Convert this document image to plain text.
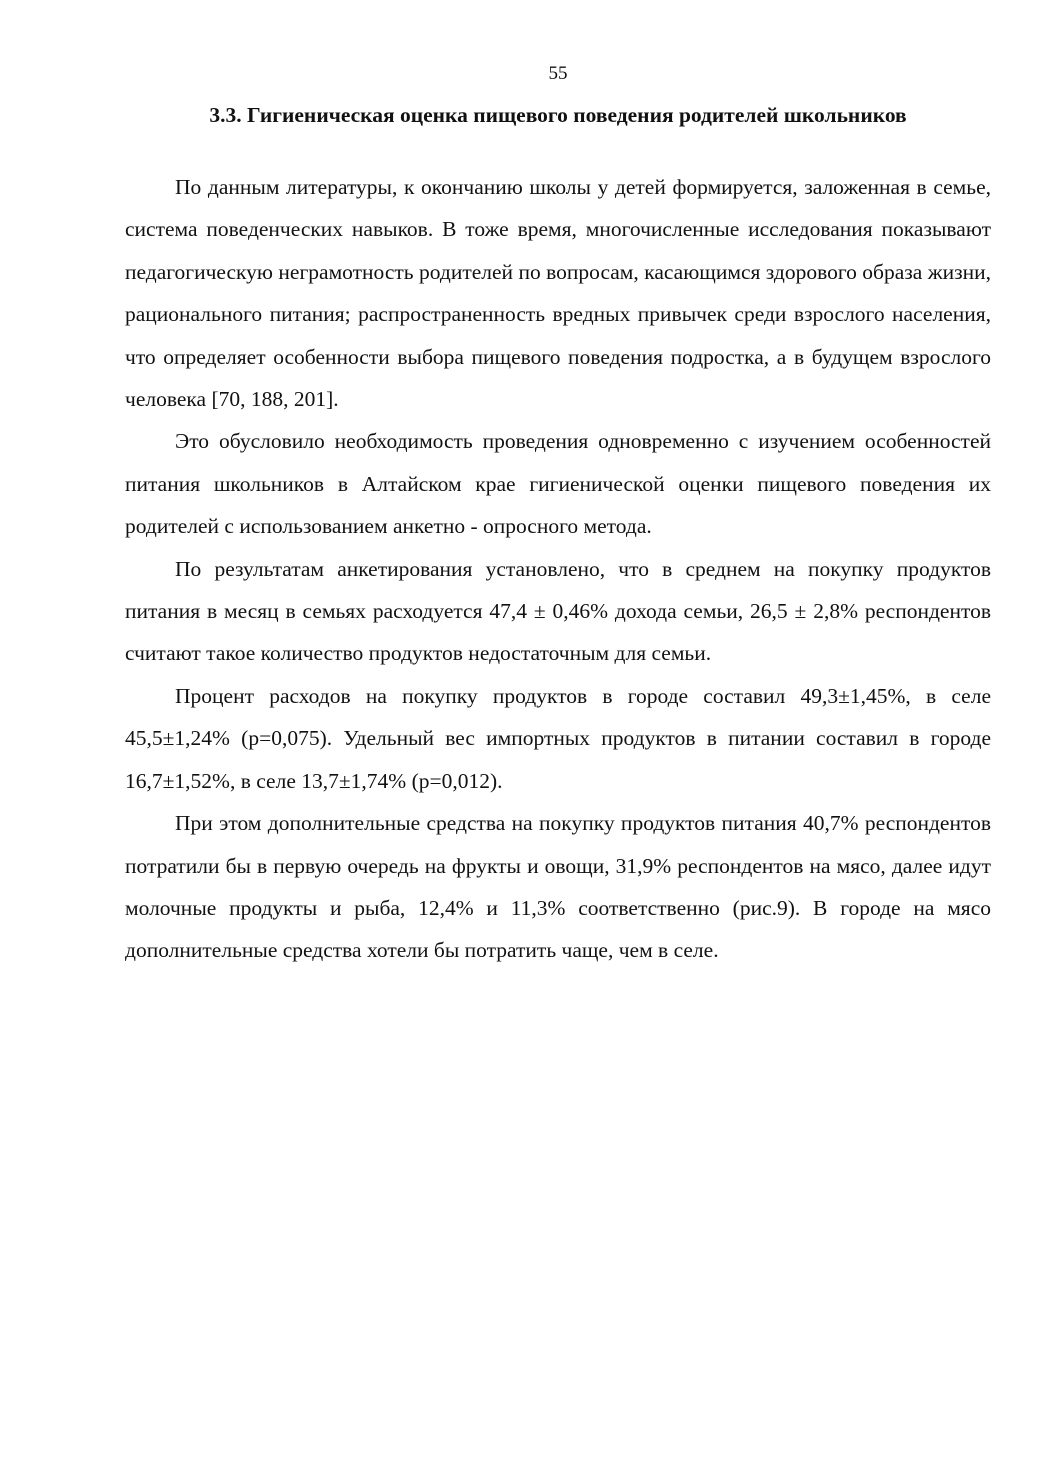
55
3.3. Гигиеническая оценка пищевого поведения родителей школьников

По данным литературы, к окончанию школы у детей формируется, заложенная в семье, система поведенческих навыков. В тоже время, многочисленные исследования показывают педагогическую неграмотность родителей по вопросам, касающимся здорового образа жизни, рационального питания; распространенность вредных привычек среди взрослого населения, что определяет особенности выбора пищевого поведения подростка, а в будущем взрослого человека [70, 188, 201].

Это обусловило необходимость проведения одновременно с изучением особенностей питания школьников в Алтайском крае гигиенической оценки пищевого поведения их родителей с использованием анкетно - опросного метода.

По результатам анкетирования установлено, что в среднем на покупку продуктов питания в месяц в семьях расходуется 47,4 ± 0,46% дохода семьи, 26,5 ± 2,8% респондентов считают такое количество продуктов недостаточным для семьи.

Процент расходов на покупку продуктов в городе составил 49,3±1,45%, в селе 45,5±1,24% (р=0,075). Удельный вес импортных продуктов в питании составил в городе 16,7±1,52%, в селе 13,7±1,74% (р=0,012).

При этом дополнительные средства на покупку продуктов питания 40,7% респондентов потратили бы в первую очередь на фрукты и овощи, 31,9% респондентов на мясо, далее идут молочные продукты и рыба, 12,4% и 11,3% соответственно (рис.9). В городе на мясо дополнительные средства хотели бы потратить чаще, чем в селе.
